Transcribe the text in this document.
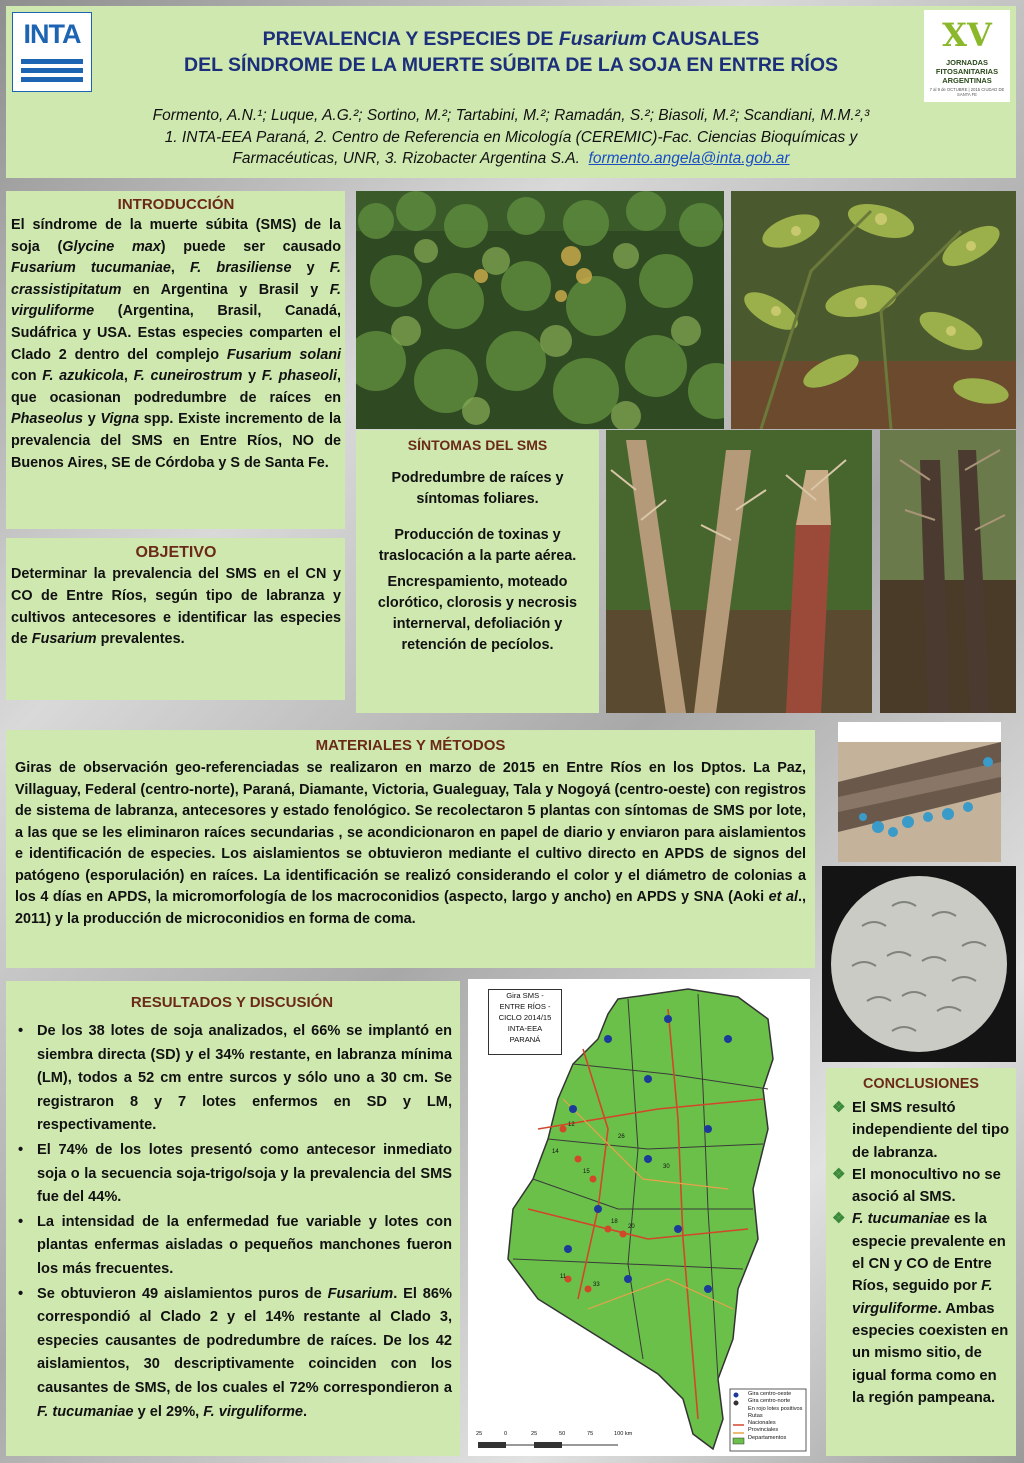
INTA	PREVALENCIA Y ESPECIES DE Fusarium CAUSALES
DEL SÍNDROME DE LA MUERTE SÚBITA DE LA SOJA EN ENTRE RÍOS
XV
JORNADAS FITOSANITARIAS ARGENTINAS
7 al 9 de OCTUBRE | 2015 CIUDAD DE SANTA FE
Formento, A.N.¹; Luque, A.G.²; Sortino, M.²; Tartabini, M.²; Ramadán, S.²; Biasoli, M.²; Scandiani, M.M.²,³
1. INTA-EEA Paraná, 2. Centro de Referencia en Micología (CEREMIC)-Fac. Ciencias Bioquímicas y
Farmacéuticas, UNR, 3. Rizobacter Argentina S.A. formento.angela@inta.gob.ar
INTRODUCCIÓN
El síndrome de la muerte súbita (SMS) de la soja (Glycine max) puede ser causado Fusarium tucumaniae, F. brasiliense y F. crassistipitatum en Argentina y Brasil y F. virguliforme (Argentina, Brasil, Canadá, Sudáfrica y USA. Estas especies comparten el Clado 2 dentro del complejo Fusarium solani con F. azukicola, F. cuneirostrum y F. phaseoli, que ocasionan podredumbre de raíces en Phaseolus y Vigna spp. Existe incremento de la prevalencia del SMS en Entre Ríos, NO de Buenos Aires, SE de Córdoba y S de Santa Fe.
OBJETIVO
Determinar la prevalencia del SMS en el CN y CO de Entre Ríos, según tipo de labranza y cultivos antecesores e identificar las especies de Fusarium prevalentes.
SÍNTOMAS DEL SMS
Podredumbre de raíces y síntomas foliares.
Producción de toxinas y traslocación a la parte aérea.
Encrespamiento, moteado clorótico, clorosis y necrosis internerval, defoliación y retención de pecíolos.
MATERIALES Y MÉTODOS
Giras de observación geo-referenciadas se realizaron en marzo de 2015 en Entre Ríos en los Dptos. La Paz, Villaguay, Federal (centro-norte), Paraná, Diamante, Victoria, Gualeguay, Tala y Nogoyá (centro-oeste) con registros de sistema de labranza, antecesores y estado fenológico. Se recolectaron 5 plantas con síntomas de SMS por lote, a las que se les eliminaron raíces secundarias , se acondicionaron en papel de diario y enviaron para aislamientos e identificación de especies. Los aislamientos se obtuvieron mediante el cultivo directo en APDS de signos del patógeno (esporulación) en raíces. La identificación se realizó considerando el color y el diámetro de colonias a los 4 días en APDS, la micromorfología de los macroconidios (aspecto, largo y ancho) en APDS y SNA (Aoki et al., 2011) y la producción de microconidios en forma de coma.
RESULTADOS Y DISCUSIÓN
• De los 38 lotes de soja analizados, el 66% se implantó en siembra directa (SD) y el 34% restante, en labranza mínima (LM), todos a 52 cm entre surcos y sólo uno a 30 cm. Se registraron 8 y 7 lotes enfermos en SD y LM, respectivamente.
• El 74% de los lotes presentó como antecesor inmediato soja o la secuencia soja-trigo/soja y la prevalencia del SMS fue del 44%.
• La intensidad de la enfermedad fue variable y lotes con plantas enfermas aisladas o pequeños manchones fueron los más frecuentes.
• Se obtuvieron 49 aislamientos puros de Fusarium. El 86% correspondió al Clado 2 y el 14% restante al Clado 3, especies causantes de podredumbre de raíces. De los 42 aislamientos, 30 descriptivamente coinciden con los causantes de SMS, de los cuales el 72% correspondieron a F. tucumaniae y el 29%, F. virguliforme.
Gira SMS -
ENTRE RÍOS -
CICLO 2014/15
INTA-EEA
PARANÁ
Gira centro-oeste
Gira centro-norte
En rojo lotes positivos
Rutas
Nacionales
Provinciales
Departamentos
25	0	25	50	75	100 km
12
14
15
18
20
11
33
26
30
CONCLUSIONES
❖ El SMS resultó independiente del tipo de labranza.
❖ El monocultivo no se asoció al SMS.
❖ F. tucumaniae es la especie prevalente en el CN y CO de Entre Ríos, seguido por F. virguliforme. Ambas especies coexisten en un mismo sitio, de igual forma como en la región pampeana.
